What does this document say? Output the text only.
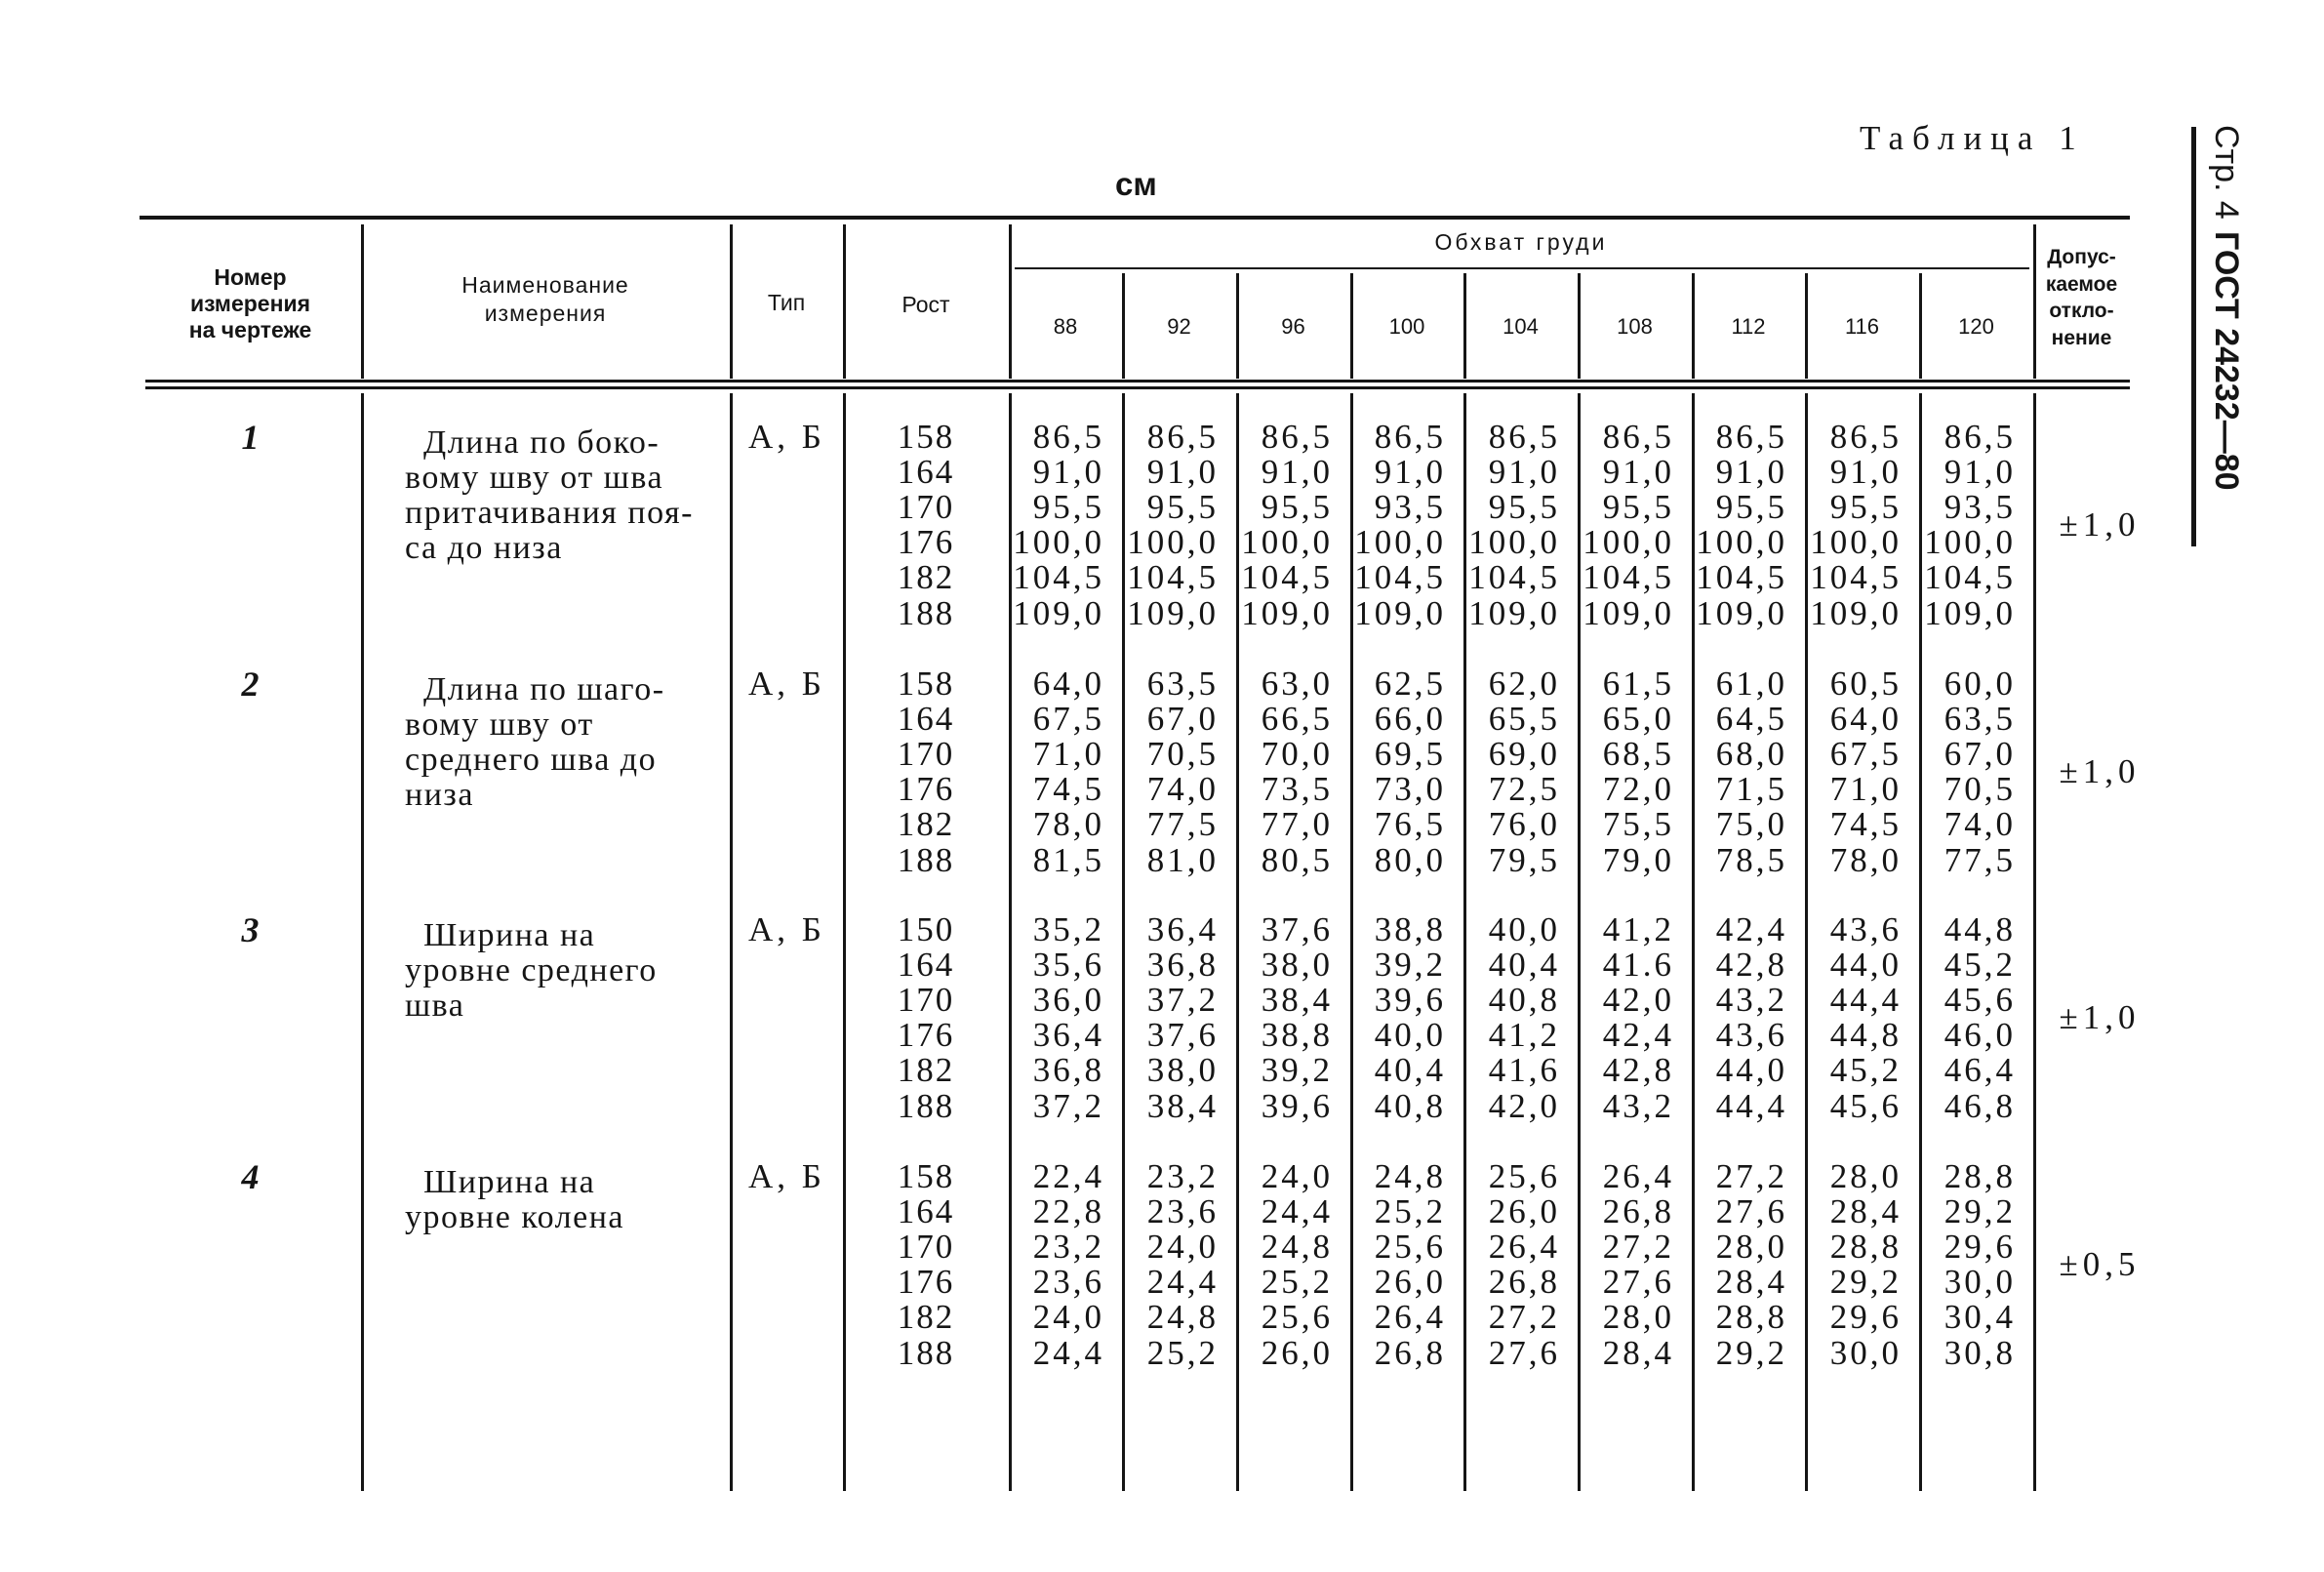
Таблица 1
см	Стр. 4ГОСТ 24232—80
Номер
измерения
на чертеже
Наименование
измерения	Тип	Рост
Обхват груди
88	92	96	100	104	108	112	116	120
Допус-
каемое
откло-
нение
1	Длина по боко-
вому шву от шва
притачивания поя-
са до низа
А, Б	158	86,5	86,5	86,5	86,5	86,5	86,5	86,5	86,5	86,5
164	91,0	91,0	91,0	91,0	91,0	91,0	91,0	91,0	91,0
170	95,5	95,5	95,5	93,5	95,5	95,5	95,5	95,5	93,5
176	100,0 100,0 100,0 100,0 100,0 100,0 100,0 100,0 100,0
182	104,5 104,5 104,5 104,5 104,5 104,5 104,5 104,5 104,5
188	109,0 109,0 109,0 109,0 109,0 109,0 109,0 109,0 109,0
±1,0
2	Длина по шаго-
вому шву от
среднего шва до
низа
А, Б	158	64,0	63,5	63,0	62,5	62,0	61,5	61,0	60,5	60,0
164	67,5	67,0	66,5	66,0	65,5	65,0	64,5	64,0	63,5
170	71,0	70,5	70,0	69,5	69,0	68,5	68,0	67,5	67,0
176	74,5	74,0	73,5	73,0	72,5	72,0	71,5	71,0	70,5
182	78,0	77,5	77,0	76,5	76,0	75,5	75,0	74,5	74,0
188	81,5	81,0	80,5	80,0	79,5	79,0	78,5	78,0	77,5
±1,0
3	Ширина на
уровне среднего
шва
А, Б	150	35,2	36,4	37,6	38,8	40,0	41,2	42,4	43,6	44,8
164	35,6	36,8	38,0	39,2	40,4	41.6	42,8	44,0	45,2
170	36,0	37,2	38,4	39,6	40,8	42,0	43,2	44,4	45,6
176	36,4	37,6	38,8	40,0	41,2	42,4	43,6	44,8	46,0
182	36,8	38,0	39,2	40,4	41,6	42,8	44,0	45,2	46,4
188	37,2	38,4	39,6	40,8	42,0	43,2	44,4	45,6	46,8
±1,0
4	Ширина на
уровне колена
А, Б	158	22,4	23,2	24,0	24,8	25,6	26,4	27,2	28,0	28,8
164	22,8	23,6	24,4	25,2	26,0	26,8	27,6	28,4	29,2
170	23,2	24,0	24,8	25,6	26,4	27,2	28,0	28,8	29,6
176	23,6	24,4	25,2	26,0	26,8	27,6	28,4	29,2	30,0
182	24,0	24,8	25,6	26,4	27,2	28,0	28,8	29,6	30,4
188	24,4	25,2	26,0	26,8	27,6	28,4	29,2	30,0	30,8
±0,5
